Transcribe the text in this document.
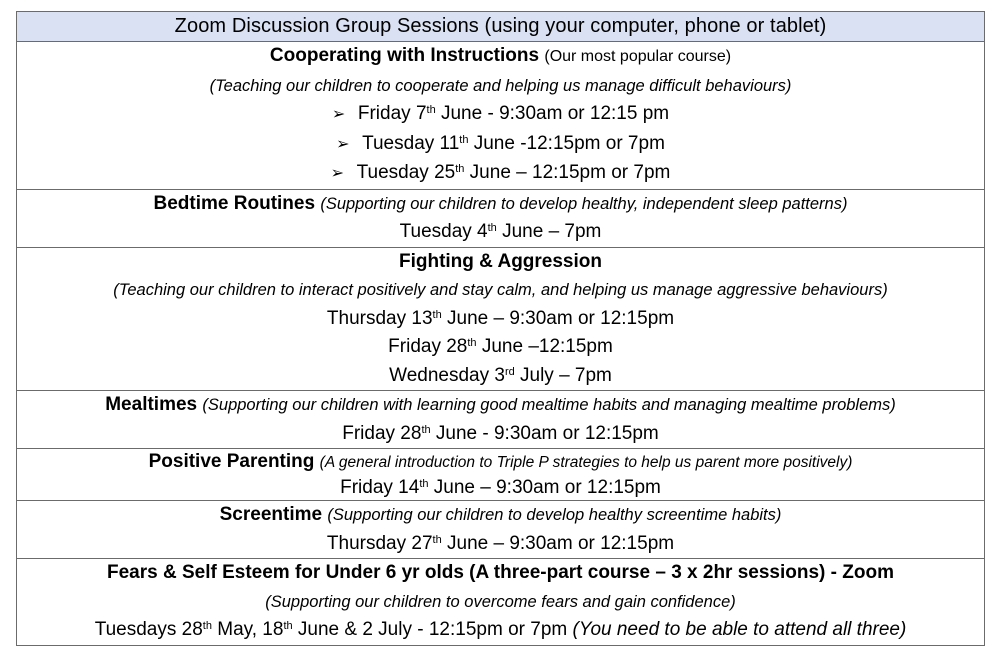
Zoom Discussion Group Sessions (using your computer, phone or tablet)

Cooperating with Instructions (Our most popular course)
(Teaching our children to cooperate and helping us manage difficult behaviours)
➢ Friday 7th June - 9:30am or 12:15 pm
➢ Tuesday 11th June -12:15pm or 7pm
➢ Tuesday 25th June – 12:15pm or 7pm

Bedtime Routines (Supporting our children to develop healthy, independent sleep patterns)
Tuesday 4th June – 7pm

Fighting & Aggression
(Teaching our children to interact positively and stay calm, and helping us manage aggressive behaviours)
Thursday 13th June – 9:30am or 12:15pm
Friday 28th June –12:15pm
Wednesday 3rd July – 7pm

Mealtimes (Supporting our children with learning good mealtime habits and managing mealtime problems)
Friday 28th June - 9:30am or 12:15pm

Positive Parenting (A general introduction to Triple P strategies to help us parent more positively)
Friday 14th June – 9:30am or 12:15pm

Screentime (Supporting our children to develop healthy screentime habits)
Thursday 27th June – 9:30am or 12:15pm

Fears & Self Esteem for Under 6 yr olds (A three-part course – 3 x 2hr sessions) - Zoom
(Supporting our children to overcome fears and gain confidence)
Tuesdays 28th May, 18th June & 2 July - 12:15pm or 7pm (You need to be able to attend all three)
